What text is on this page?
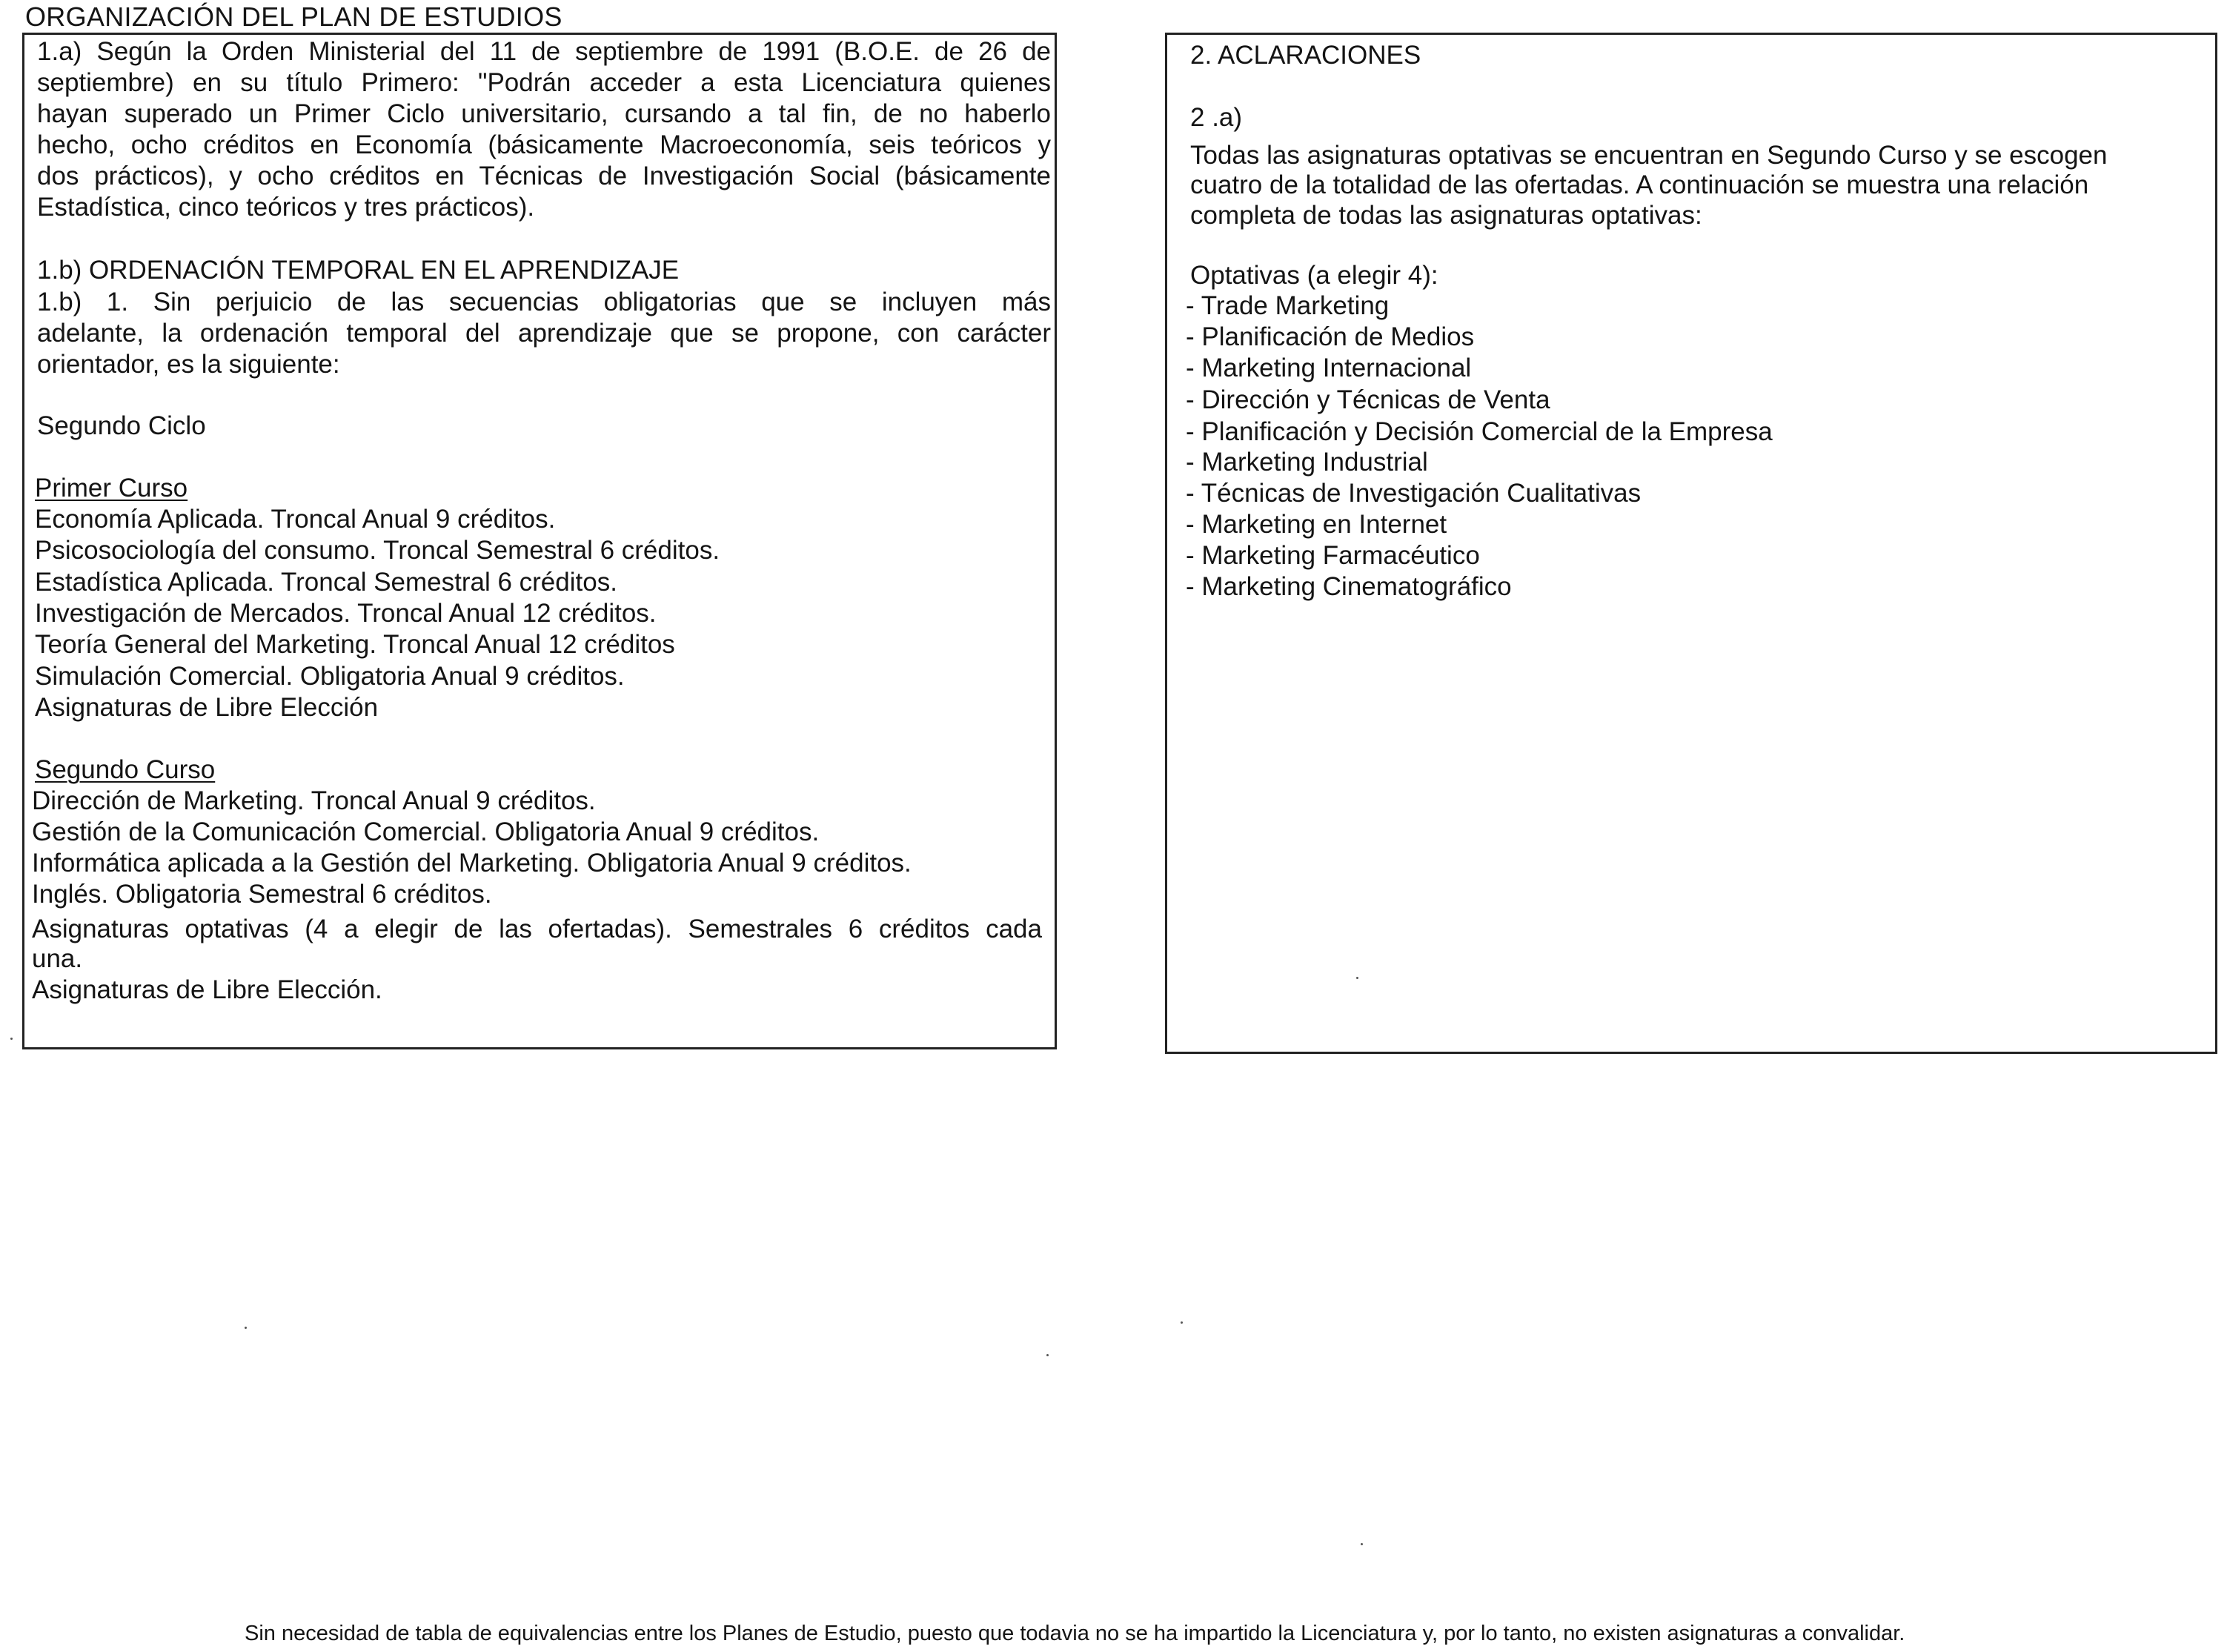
ORGANIZACIÓN DEL PLAN DE ESTUDIOS
1.a) Según la Orden Ministerial del 11 de septiembre de 1991 (B.O.E. de 26 de
septiembre) en su título Primero: "Podrán acceder a esta Licenciatura quienes
hayan superado un Primer Ciclo universitario, cursando a tal fin, de no haberlo
hecho, ocho créditos en Economía (básicamente Macroeconomía, seis teóricos y
dos prácticos), y ocho créditos en Técnicas de Investigación Social (básicamente
Estadística, cinco teóricos y tres prácticos).
1.b) ORDENACIÓN TEMPORAL EN EL APRENDIZAJE
1.b) 1. Sin perjuicio de las secuencias obligatorias que se incluyen más
adelante, la ordenación temporal del aprendizaje que se propone, con carácter
orientador, es la siguiente:
Segundo Ciclo
Primer Curso
Economía Aplicada. Troncal Anual 9 créditos.
Psicosociología del consumo. Troncal Semestral 6 créditos.
Estadística Aplicada. Troncal Semestral 6 créditos.
Investigación de Mercados. Troncal Anual 12 créditos.
Teoría General del Marketing. Troncal Anual 12 créditos
Simulación Comercial. Obligatoria Anual 9 créditos.
Asignaturas de Libre Elección
Segundo Curso
Dirección de Marketing. Troncal Anual 9 créditos.
Gestión de la Comunicación Comercial. Obligatoria Anual 9 créditos.
Informática aplicada a la Gestión del Marketing. Obligatoria Anual 9 créditos.
Inglés. Obligatoria Semestral 6 créditos.
Asignaturas optativas (4 a elegir de las ofertadas). Semestrales 6 créditos cada
una.
Asignaturas de Libre Elección.
2. ACLARACIONES
2 .a)
Todas las asignaturas optativas se encuentran en Segundo Curso y se escogen
cuatro de la totalidad de las ofertadas. A continuación se muestra una relación
completa de todas las asignaturas optativas:
Optativas (a elegir 4):
- Trade Marketing
- Planificación de Medios
- Marketing Internacional
- Dirección y Técnicas de Venta
- Planificación y Decisión Comercial de la Empresa
- Marketing Industrial
- Técnicas de Investigación Cualitativas
- Marketing en Internet
- Marketing Farmacéutico
- Marketing Cinematográfico
Sin necesidad de tabla de equivalencias entre los Planes de Estudio, puesto que todavia no se ha impartido la Licenciatura y, por lo tanto, no existen asignaturas a convalidar.
